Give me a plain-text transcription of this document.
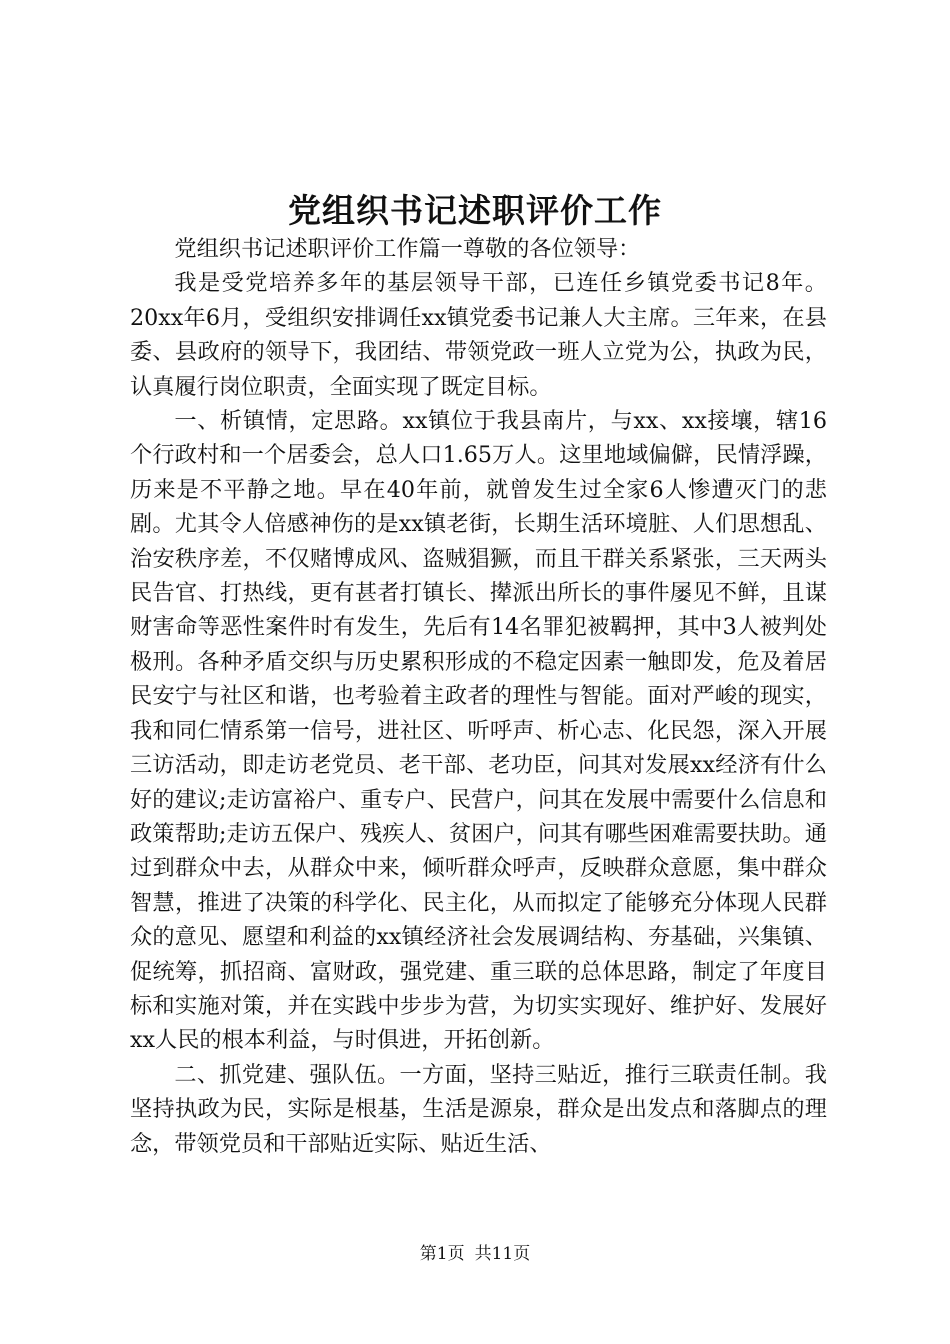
党组织书记述职评价工作

党组织书记述职评价工作篇一尊敬的各位领导：

我是受党培养多年的基层领导干部，已连任乡镇党委书记8年。20xx年6月，受组织安排调任xx镇党委书记兼人大主席。三年来，在县委、县政府的领导下，我团结、带领党政一班人立党为公，执政为民，认真履行岗位职责，全面实现了既定目标。

一、析镇情，定思路。xx镇位于我县南片，与xx、xx接壤，辖16个行政村和一个居委会，总人口1.65万人。这里地域偏僻，民情浮躁，历来是不平静之地。早在40年前，就曾发生过全家6人惨遭灭门的悲剧。尤其令人倍感神伤的是xx镇老街，长期生活环境脏、人们思想乱、治安秩序差，不仅赌博成风、盗贼猖獗，而且干群关系紧张，三天两头民告官、打热线，更有甚者打镇长、撵派出所长的事件屡见不鲜，且谋财害命等恶性案件时有发生，先后有14名罪犯被羁押，其中3人被判处极刑。各种矛盾交织与历史累积形成的不稳定因素一触即发，危及着居民安宁与社区和谐，也考验着主政者的理性与智能。面对严峻的现实，我和同仁情系第一信号，进社区、听呼声、析心志、化民怨，深入开展三访活动，即走访老党员、老干部、老功臣，问其对发展xx经济有什么好的建议;走访富裕户、重专户、民营户，问其在发展中需要什么信息和政策帮助;走访五保户、残疾人、贫困户，问其有哪些困难需要扶助。通过到群众中去，从群众中来，倾听群众呼声，反映群众意愿，集中群众智慧，推进了决策的科学化、民主化，从而拟定了能够充分体现人民群众的意见、愿望和利益的xx镇经济社会发展调结构、夯基础，兴集镇、促统筹，抓招商、富财政，强党建、重三联的总体思路，制定了年度目标和实施对策，并在实践中步步为营，为切实实现好、维护好、发展好xx人民的根本利益，与时俱进，开拓创新。

二、抓党建、强队伍。一方面，坚持三贴近，推行三联责任制。我坚持执政为民，实际是根基，生活是源泉，群众是出发点和落脚点的理念，带领党员和干部贴近实际、贴近生活、

第1页 共11页
